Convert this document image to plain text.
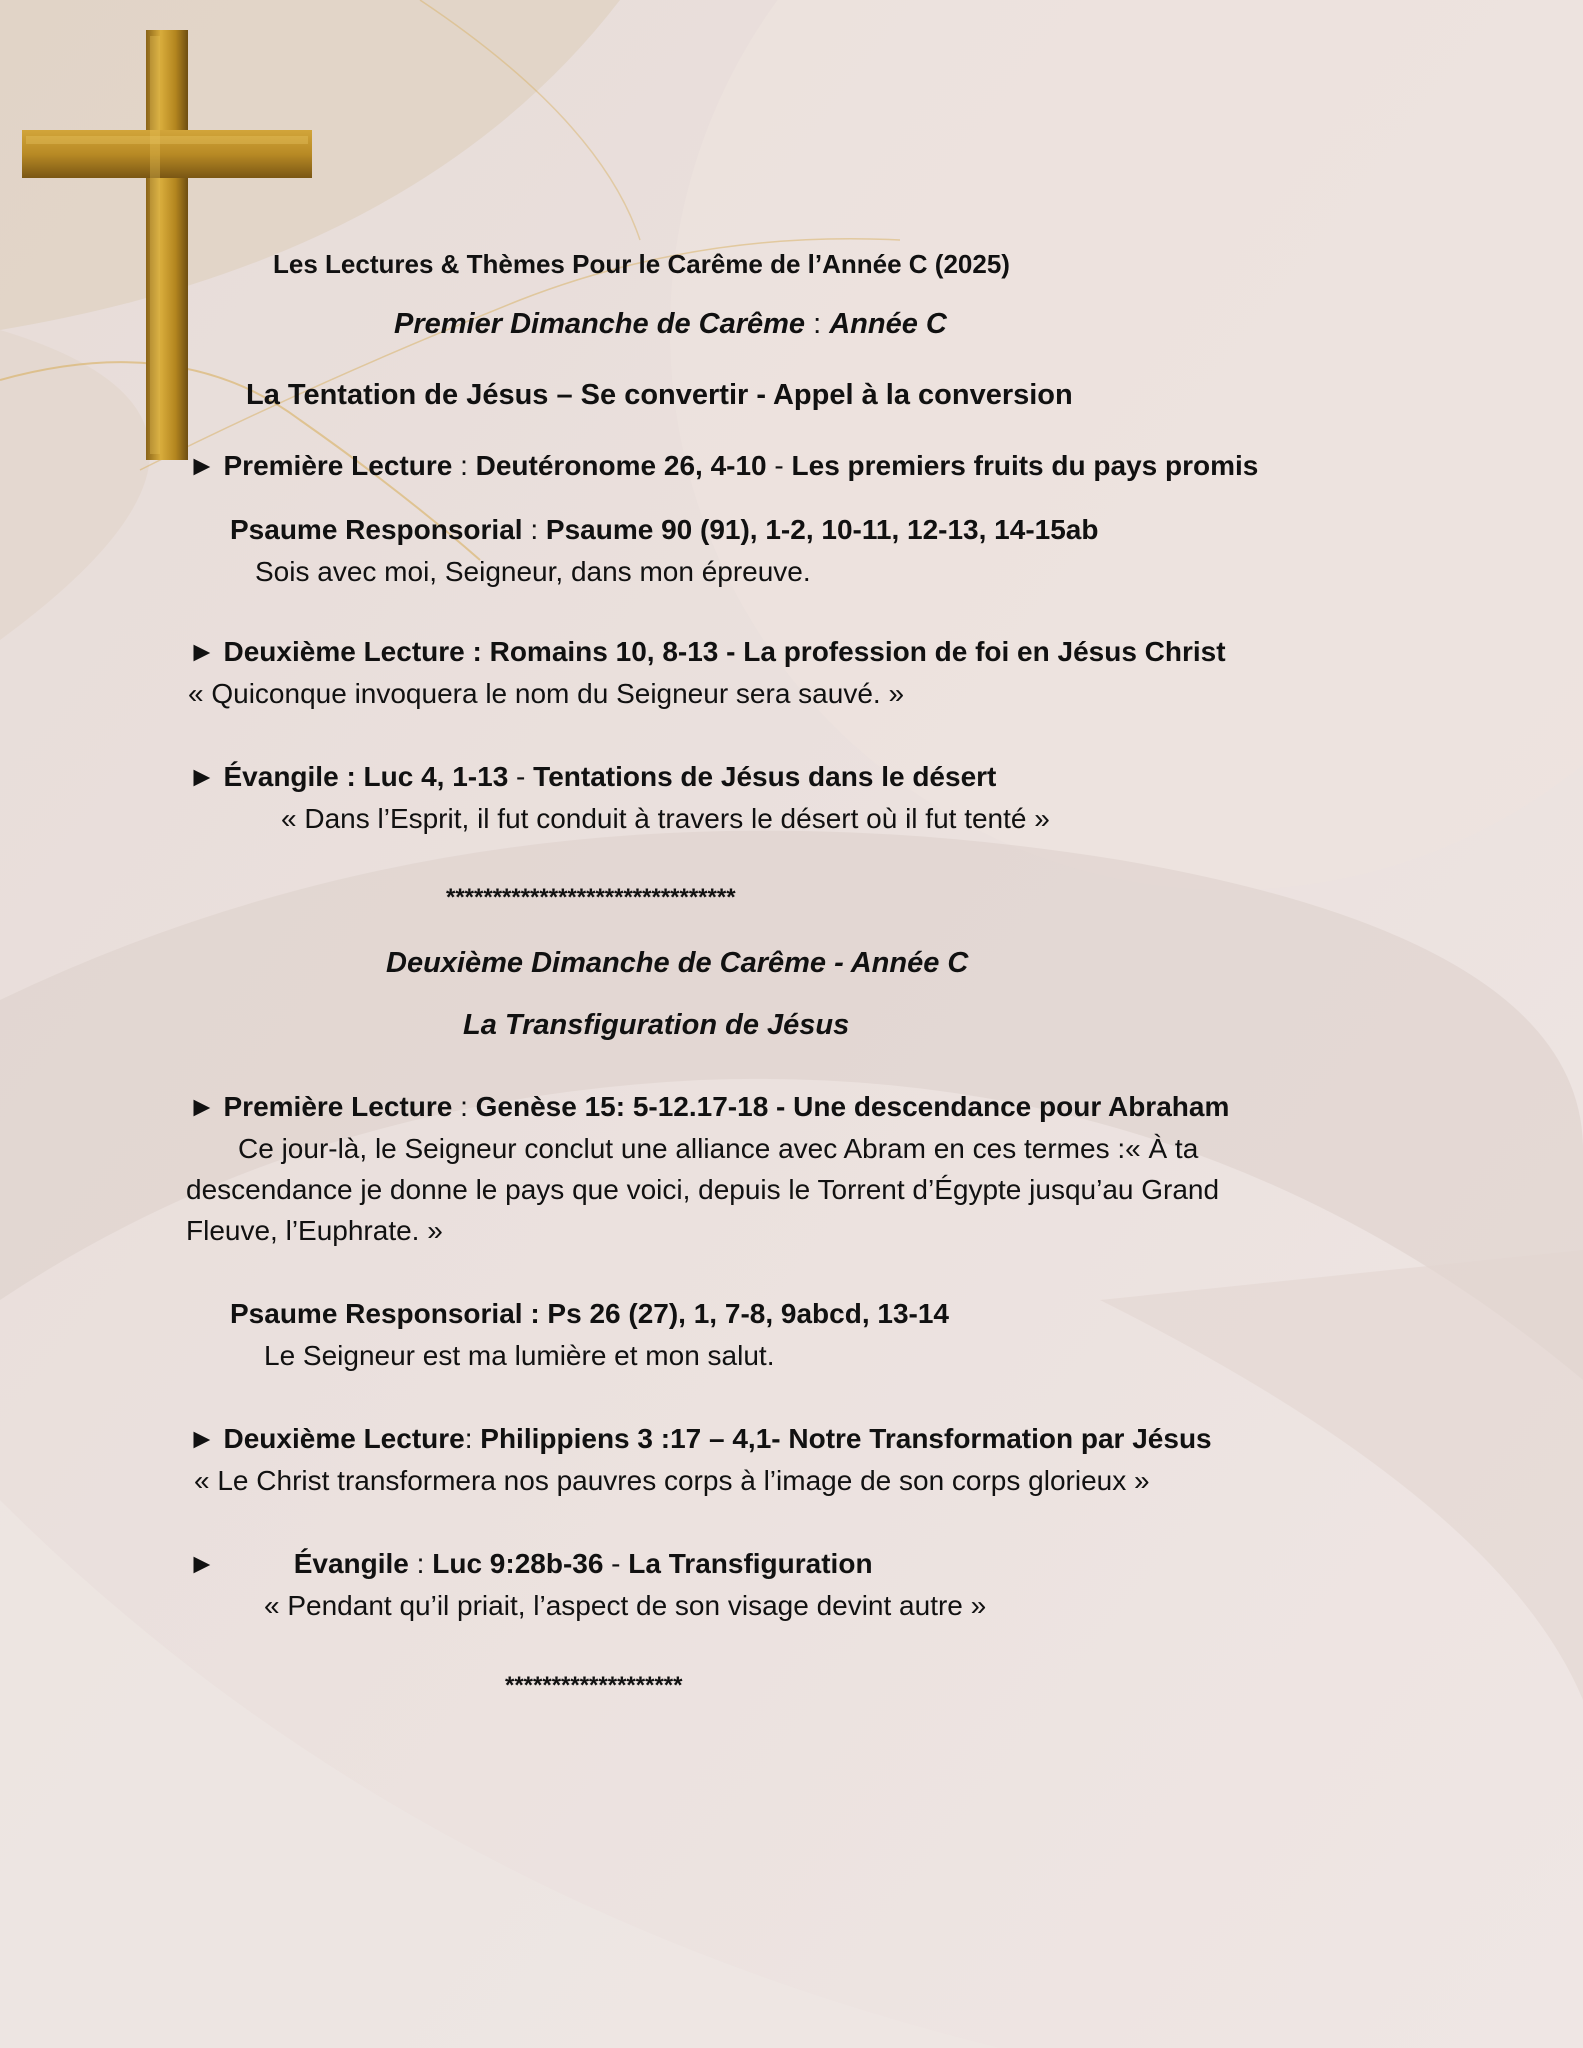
Les Lectures & Thèmes Pour le Carême de l’Année C (2025)
Premier Dimanche de Carême : Année C
La Tentation de Jésus – Se convertir - Appel à la conversion
► Première Lecture : Deutéronome 26, 4-10 - Les premiers fruits du pays promis
Psaume Responsorial : Psaume 90 (91), 1-2, 10-11, 12-13, 14-15ab
Sois avec moi, Seigneur, dans mon épreuve.
► Deuxième Lecture : Romains 10, 8-13 - La profession de foi en Jésus Christ
« Quiconque invoquera le nom du Seigneur sera sauvé. »
► Évangile : Luc 4, 1-13 - Tentations de Jésus dans le désert
« Dans l’Esprit, il fut conduit à travers le désert où il fut tenté »
*******************************
Deuxième Dimanche de Carême - Année C
La Transfiguration de Jésus
► Première Lecture : Genèse 15: 5-12.17-18 - Une descendance pour Abraham
Ce jour-là, le Seigneur conclut une alliance avec Abram en ces termes :« À ta
descendance je donne le pays que voici, depuis le Torrent d’Égypte jusqu’au Grand
Fleuve, l’Euphrate. »
Psaume Responsorial : Ps 26 (27), 1, 7-8, 9abcd, 13-14
Le Seigneur est ma lumière et mon salut.
► Deuxième Lecture: Philippiens 3 :17 – 4,1- Notre Transformation par Jésus
« Le Christ transformera nos pauvres corps à l’image de son corps glorieux »
►	Évangile : Luc 9:28b-36 - La Transfiguration
« Pendant qu’il priait, l’aspect de son visage devint autre »
*******************
